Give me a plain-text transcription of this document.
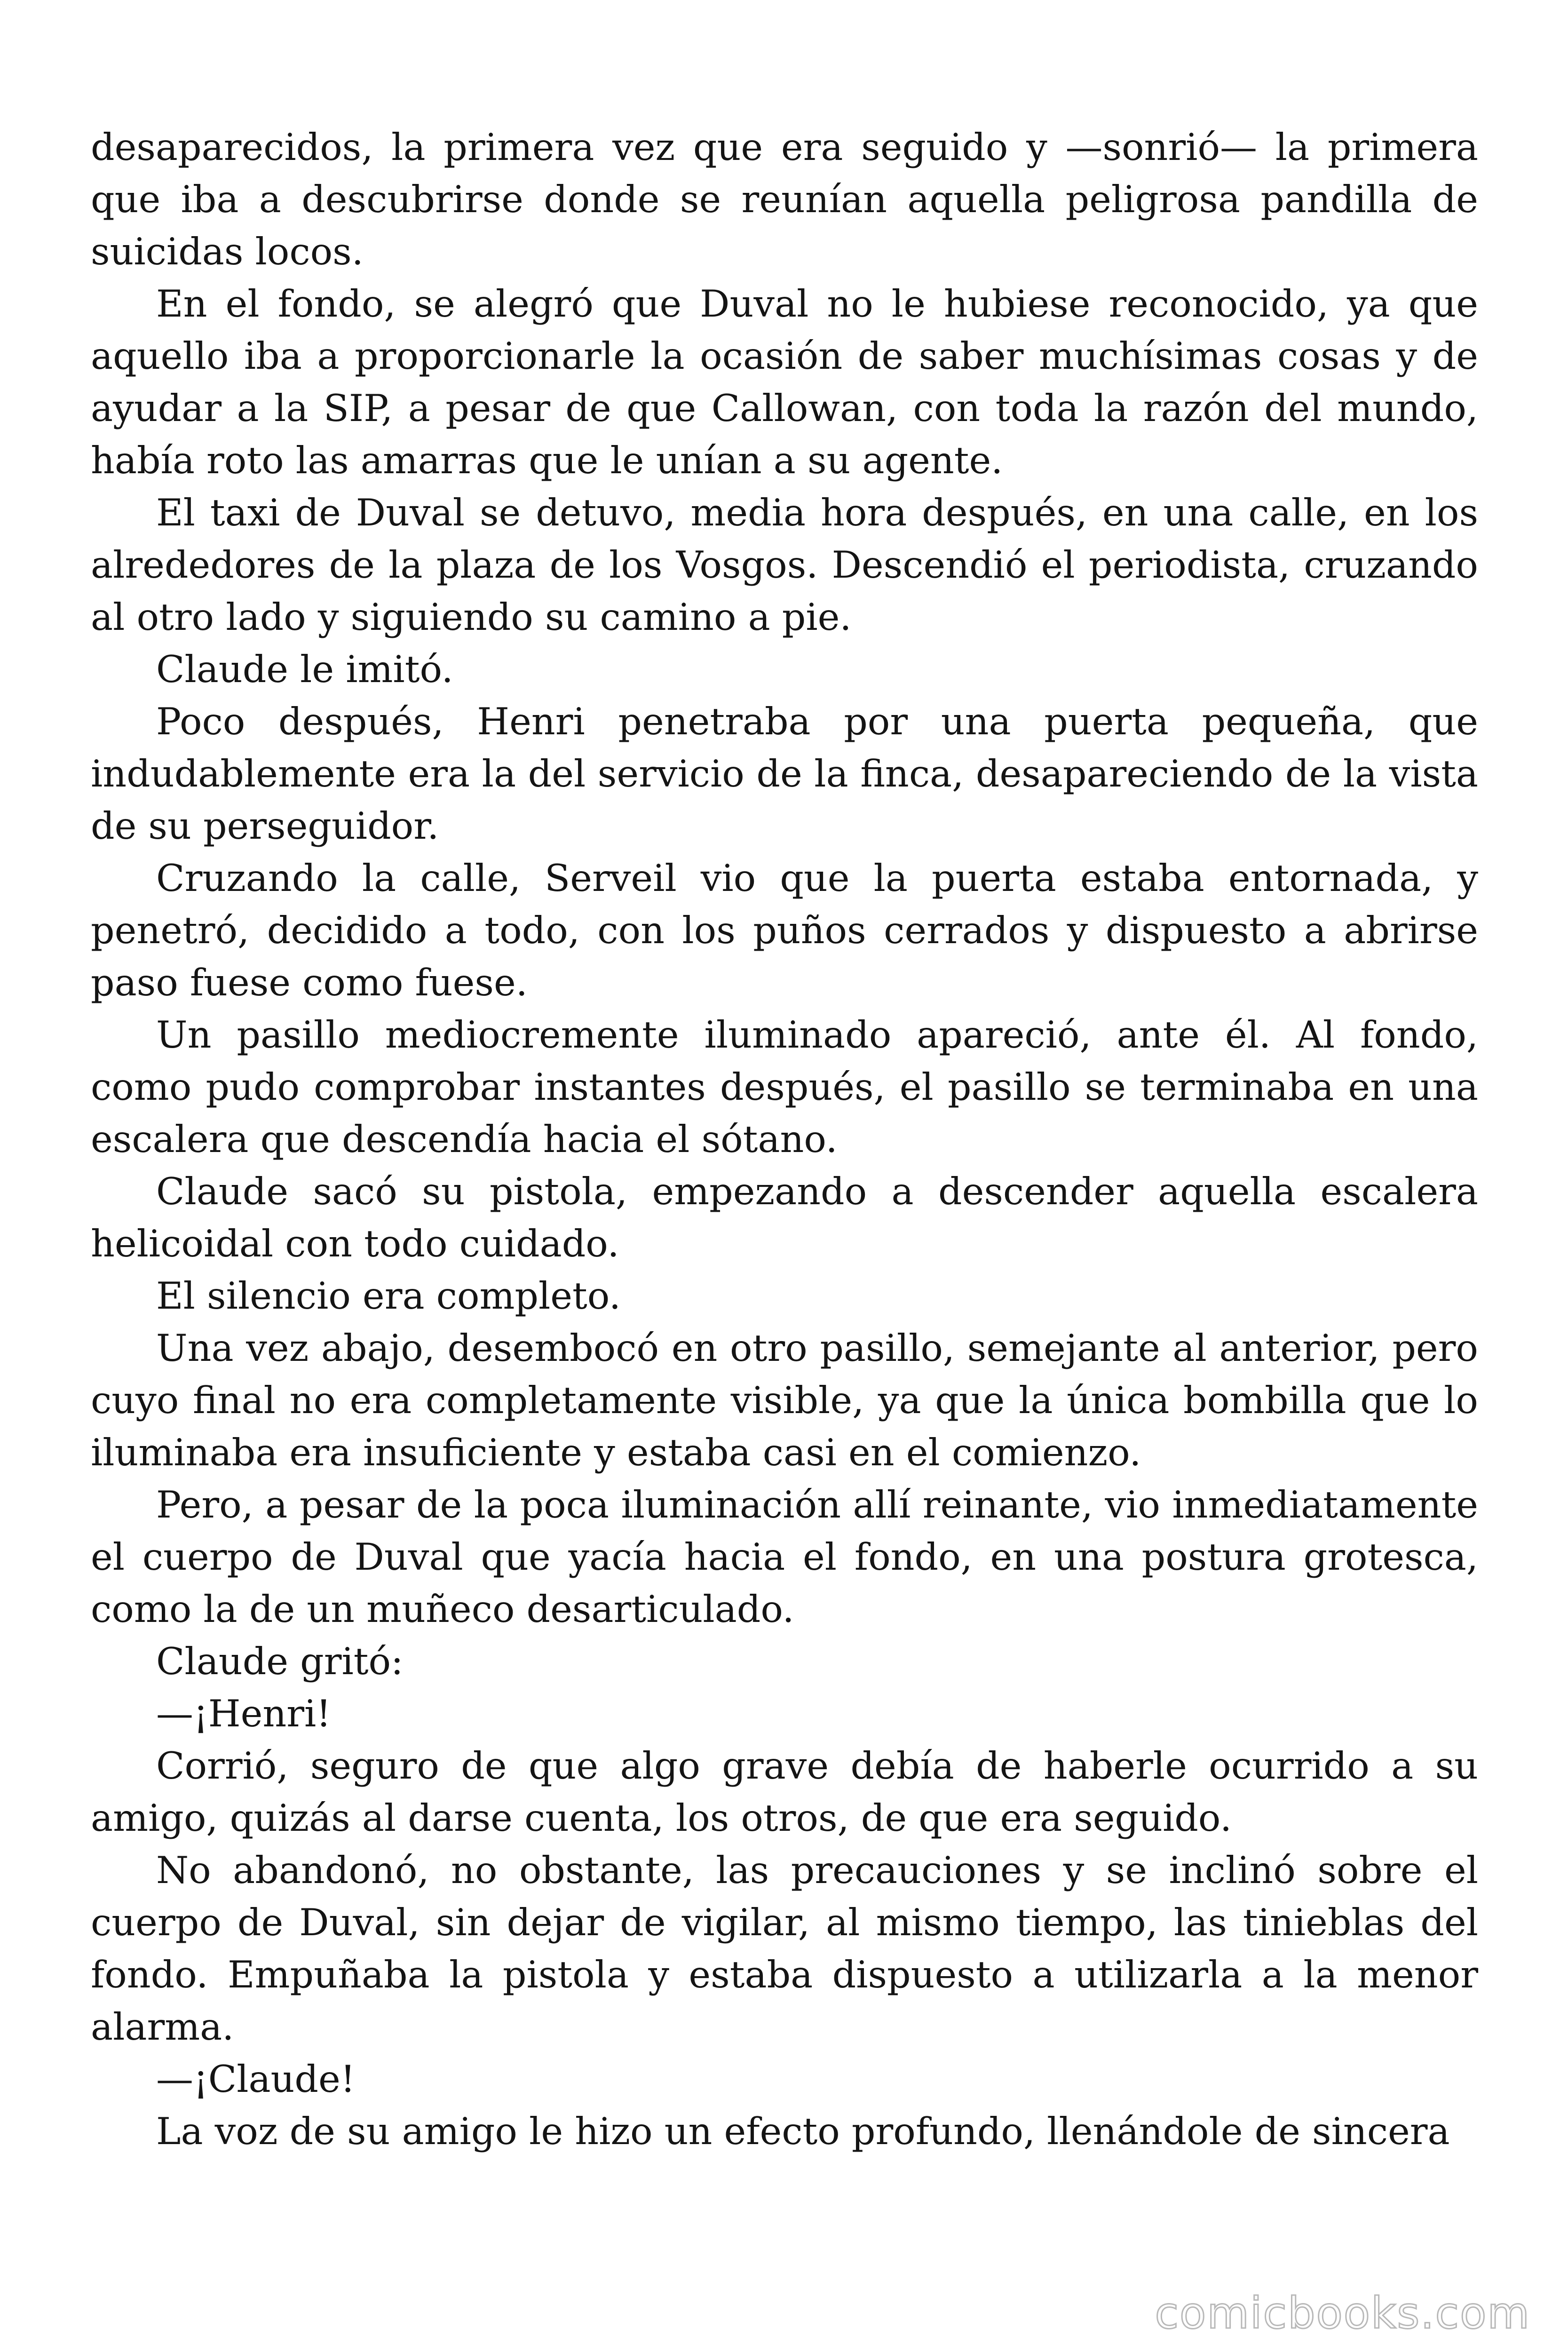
desaparecidos, la primera vez que era seguido y —sonrió— la primera que iba a descubrirse donde se reunían aquella peligrosa pandilla de suicidas locos.

En el fondo, se alegró que Duval no le hubiese reconocido, ya que aquello iba a proporcionarle la ocasión de saber muchísimas cosas y de ayudar a la SIP, a pesar de que Callowan, con toda la razón del mundo, había roto las amarras que le unían a su agente.

El taxi de Duval se detuvo, media hora después, en una calle, en los alrededores de la plaza de los Vosgos. Descendió el periodista, cruzando al otro lado y siguiendo su camino a pie.

Claude le imitó.

Poco después, Henri penetraba por una puerta pequeña, que indudablemente era la del servicio de la finca, desapareciendo de la vista de su perseguidor.

Cruzando la calle, Serveil vio que la puerta estaba entornada, y penetró, decidido a todo, con los puños cerrados y dispuesto a abrirse paso fuese como fuese.

Un pasillo mediocremente iluminado apareció, ante él. Al fondo, como pudo comprobar instantes después, el pasillo se terminaba en una escalera que descendía hacia el sótano.

Claude sacó su pistola, empezando a descender aquella escalera helicoidal con todo cuidado.

El silencio era completo.

Una vez abajo, desembocó en otro pasillo, semejante al anterior, pero cuyo final no era completamente visible, ya que la única bombilla que lo iluminaba era insuficiente y estaba casi en el comienzo.

Pero, a pesar de la poca iluminación allí reinante, vio inmediatamente el cuerpo de Duval que yacía hacia el fondo, en una postura grotesca, como la de un muñeco desarticulado.

Claude gritó:

—¡Henri!

Corrió, seguro de que algo grave debía de haberle ocurrido a su amigo, quizás al darse cuenta, los otros, de que era seguido.

No abandonó, no obstante, las precauciones y se inclinó sobre el cuerpo de Duval, sin dejar de vigilar, al mismo tiempo, las tinieblas del fondo. Empuñaba la pistola y estaba dispuesto a utilizarla a la menor alarma.

—¡Claude!

La voz de su amigo le hizo un efecto profundo, llenándole de sincera

comicbooks.com
